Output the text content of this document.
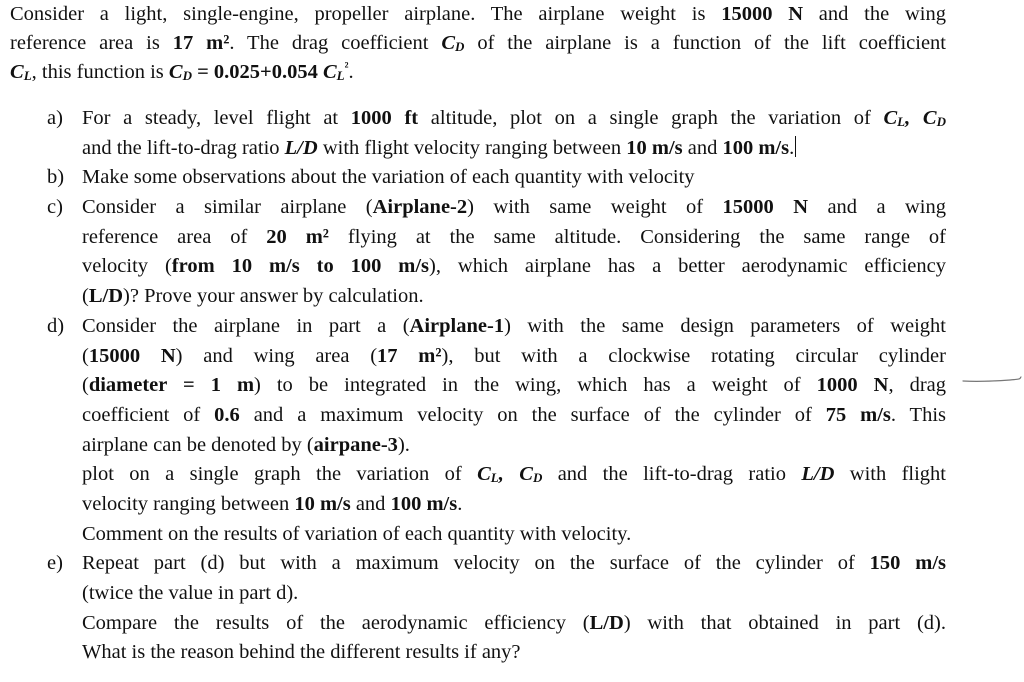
Consider a light, single-engine, propeller airplane. The airplane weight is 15000 N and the wing
reference area is 17 m². The drag coefficient $C_D$ of the airplane is a function of the lift coefficient
$C_L$, this function is $C_D = 0.025+0.054$ $C_L^{^2}$.
a) For a steady, level flight at 1000 ft altitude, plot on a single graph the variation of $C_L$, $C_D$
and the lift-to-drag ratio L/D with flight velocity ranging between 10 m/s and 100 m/s.
b) Make some observations about the variation of each quantity with velocity
c) Consider a similar airplane (Airplane-2) with same weight of 15000 N and a wing
reference area of 20 m² flying at the same altitude. Considering the same range of
velocity (from 10 m/s to 100 m/s), which airplane has a better aerodynamic efficiency
(L/D)? Prove your answer by calculation.
d) Consider the airplane in part a (Airplane-1) with the same design parameters of weight
(15000 N) and wing area (17 m²), but with a clockwise rotating circular cylinder
(diameter = 1 m) to be integrated in the wing, which has a weight of 1000 N, drag
coefficient of 0.6 and a maximum velocity on the surface of the cylinder of 75 m/s. This
airplane can be denoted by (airpane-3).
plot on a single graph the variation of $C_L$, $C_D$ and the lift-to-drag ratio L/D with flight
velocity ranging between 10 m/s and 100 m/s.
Comment on the results of variation of each quantity with velocity.
e) Repeat part (d) but with a maximum velocity on the surface of the cylinder of 150 m/s
(twice the value in part d).
Compare the results of the aerodynamic efficiency (L/D) with that obtained in part (d).
What is the reason behind the different results if any?
